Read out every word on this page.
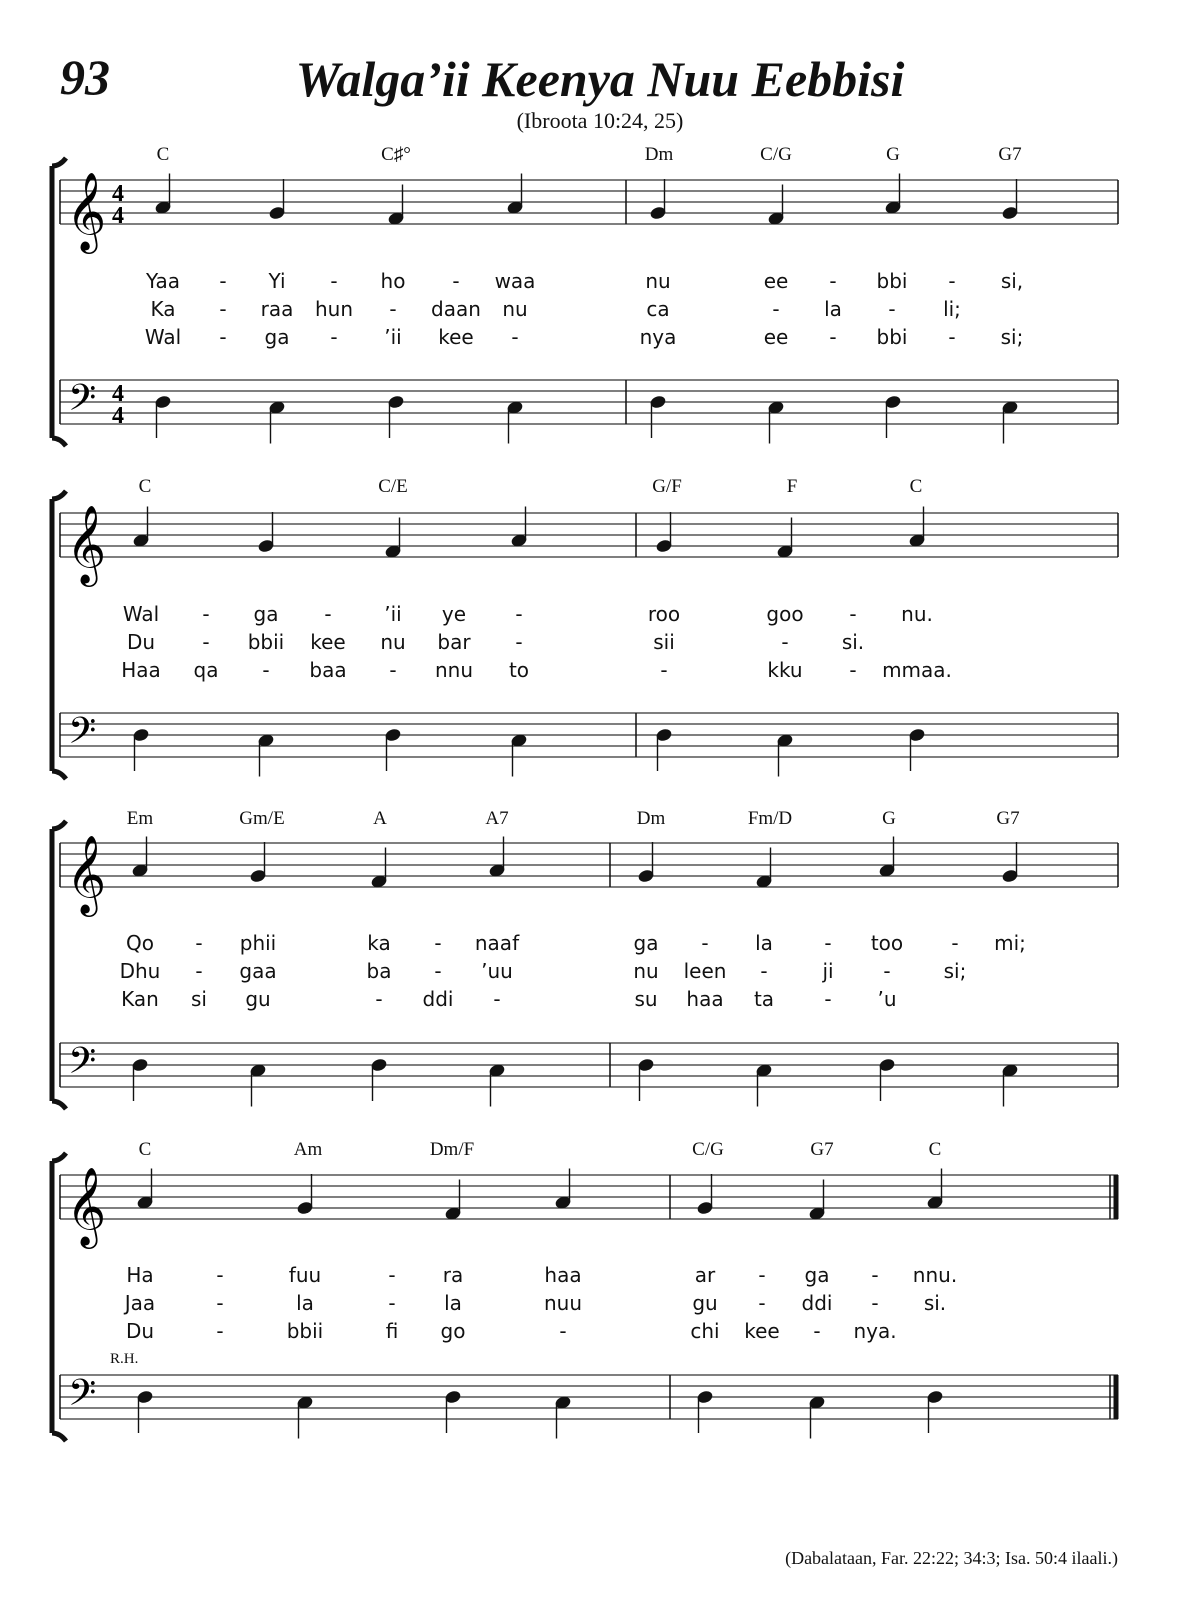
93	Walga’ii Keenya Nuu Eebbisi
(Ibroota 10:24, 25)
𝄞
𝄢
4
4
4
4
C	C♯°	Dm	C/G	G	G7
Yaa - Yi - ho - waa	nu	ee - bbi - si,
Ka - raa hun - daan nu	ca	- la - li;
Wal - ga - ’ii kee -	nya	ee - bbi - si;
𝄞
𝄢
C	C/E	G/F	F	C
Wal - ga -	’ii ye -	roo	goo - nu.
Du - bbii kee nu bar -	sii	-	si.
Haa qa - baa - nnu to	-	kku - mmaa.
𝄞
𝄢
Em	Gm/E	A	A7	Dm	Fm/D	G	G7
Qo - phii	ka - naaf	ga - la	- too - mi;
Dhu - gaa	ba - ’uu	nu leen -	ji -	si;
Kan si gu	- ddi -	su haa ta	- ’u
𝄞
𝄢
C	Am	Dm/F	C/G	G7	C
Ha	-	fuu	- ra	haa	ar - ga - nnu.
Jaa	-	la	- la	nuu	gu - ddi - si.
Du	-	bbii	fi go	-	chi kee - nya.
R.H.
(Dabalataan, Far. 22:22; 34:3; Isa. 50:4 ilaali.)
